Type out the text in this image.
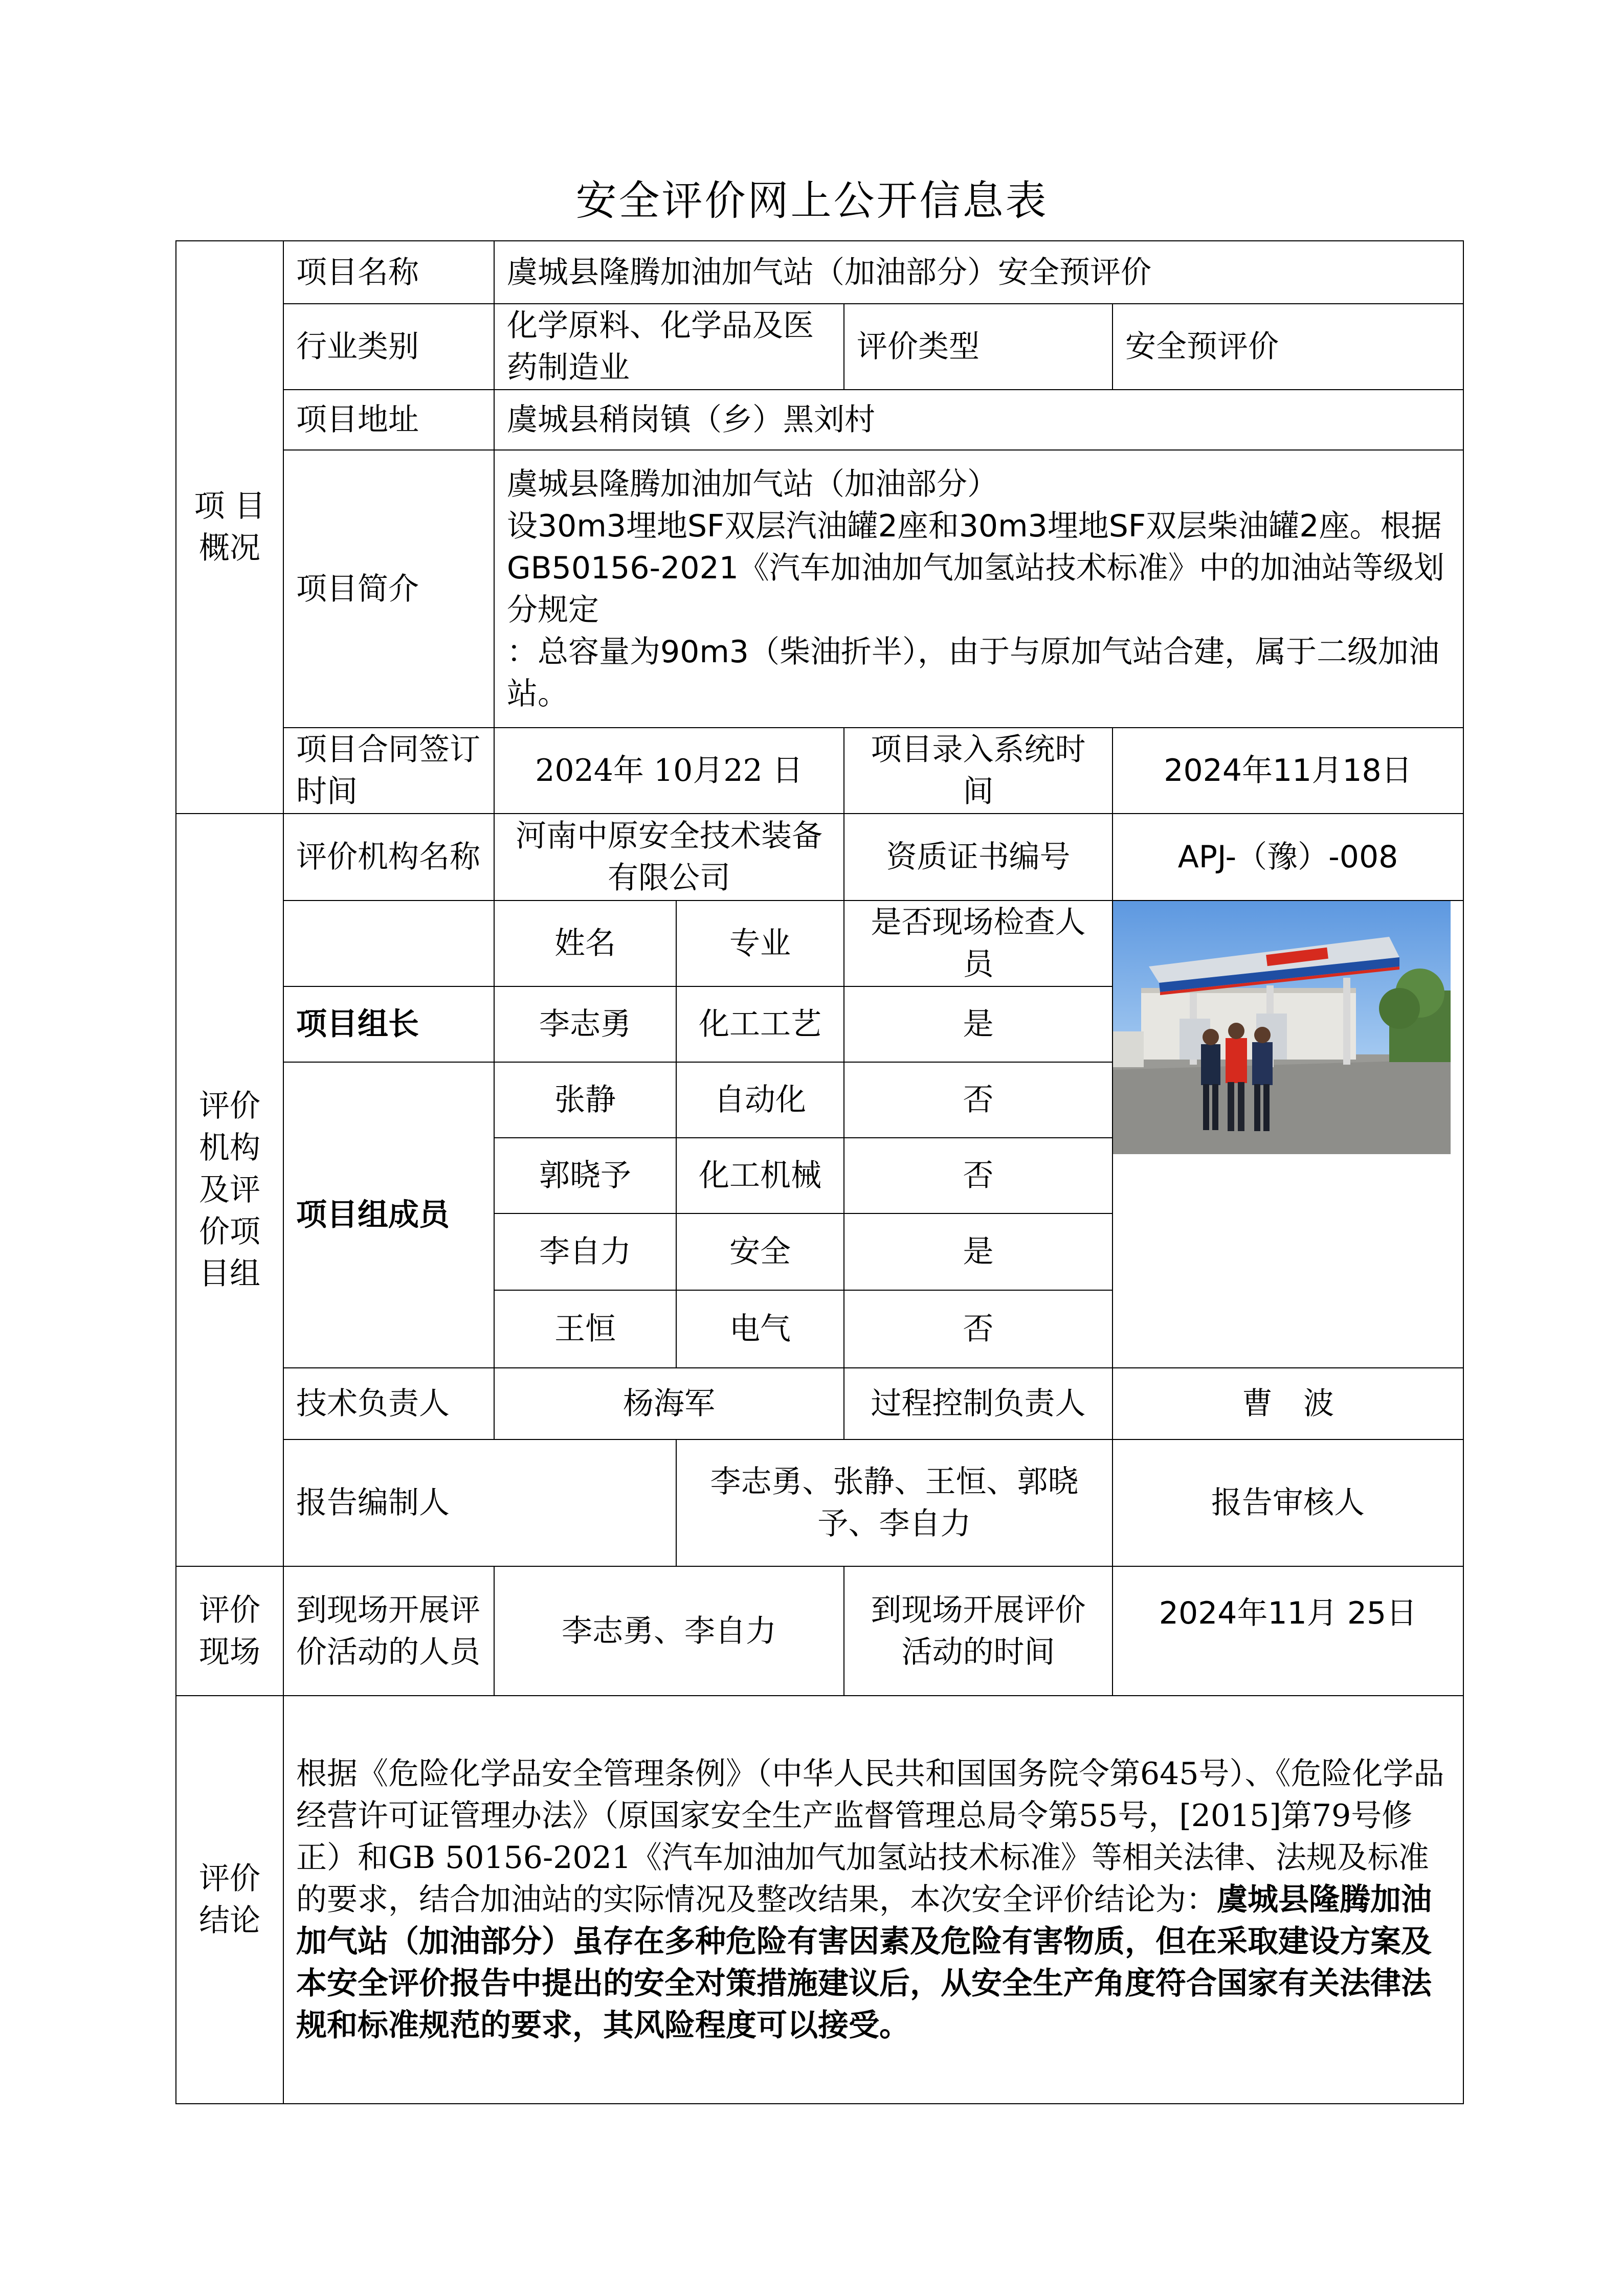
安全评价网上公开信息表
项 目 概况	项目名称	虞城县隆腾加油加气站（加油部分）安全预评价				
	行业类别	化学原料、化学品及医药制造业		评价类型	安全预评价	
	项目地址	虞城县稍岗镇（乡）黑刘村				
	项目简介	虞城县隆腾加油加气站（加油部分）
设30m3埋地SF双层汽油罐2座和30m3埋地SF双层柴油罐2座。根据
GB50156-2021《汽车加油加气加氢站技术标准》中的加油站等级划分规定
：总容量为90m3（柴油折半），由于与原加气站合建，属于二级加油站。				

	项目合同签订时间	2024年 10月22 日		项目录入系统时间	2024年11月18日	
评价机构及评价项目组	评价机构名称	河南中原安全技术装备有限公司		资质证书编号	APJ-（豫）-008	
		姓名	专业	是否现场检查人员	

	项目组长	李志勇	化工工艺	是		
	项目组成员	张静	自动化	否		
		郭晓予	化工机械	否		
		李自力	安全	是		
		王恒	电气	否		
	技术负责人	杨海军		过程控制负责人	曹　波	
	报告编制人		李志勇、张静、王恒、郭晓予、李自力		报告审核人	
评价现场	到现场开展评价活动的人员	李志勇、李自力		到现场开展评价活动的时间	2024年11月 25日	
评价结论	根据《危险化学品安全管理条例》（中华人民共和国国务院令第645号）、《危险化学品经营许可证管理办法》（原国家安全生产监督管理总局令第55号，[2015]第79号修正）和GB 50156-2021《汽车加油加气加氢站技术标准》等相关法律、法规及标准的要求，结合加油站的实际情况及整改结果，本次安全评价结论为：虞城县隆腾加油加气站（加油部分）虽存在多种危险有害因素及危险有害物质，但在采取建设方案及本安全评价报告中提出的安全对策措施建议后，从安全生产角度符合国家有关法律法规和标准规范的要求，其风险程度可以接受。					
